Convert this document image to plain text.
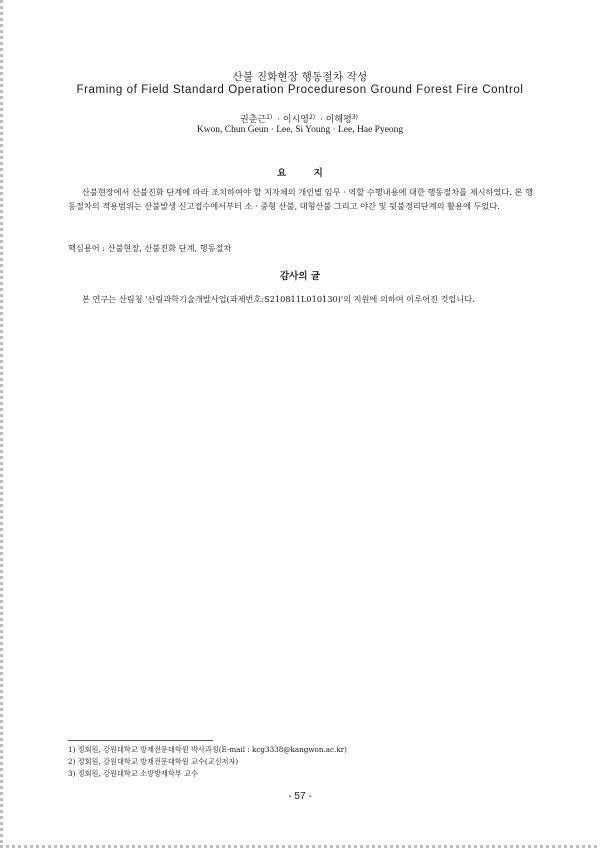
산불 진화현장 행동절차 작성
Framing of Field Standard Operation Procedureson Ground Forest Fire Control
권춘근$^{1)}$ · 이시영$^{2)}$ · 이해평$^{3)}$
Kwon, Chun Geun · Lee, Si Young · Lee, Hae Pyeong
요 지

산불현장에서 산불진화 단계에 따라 조치하여야 할 지자체의 개인별 임무 · 역할 수행내용에 대한 행동절차를 제시하였다. 본 행동절차의 적용범위는 산불발생 신고접수에서부터 소 · 중형 산불, 대형산불 그리고 야간 및 뒷불정리단계의 활용에 두었다.

핵심용어 : 산불현장, 산불진화 단계, 행동절차

감사의 글

본 연구는 산림청 '산림과학기술개발사업(과제번호:S210811L010130)'의 지원에 의하여 이루어진 것입니다.

1) 정회원, 강원대학교 방재전문대학원 박사과정(E-mail : kcg3338@kangwon.ac.kr)
2) 정회원, 강원대학교 방재전문대학원 교수(교신저자)
3) 정회원, 강원대학교 소방방재학부 교수
- 57 -
